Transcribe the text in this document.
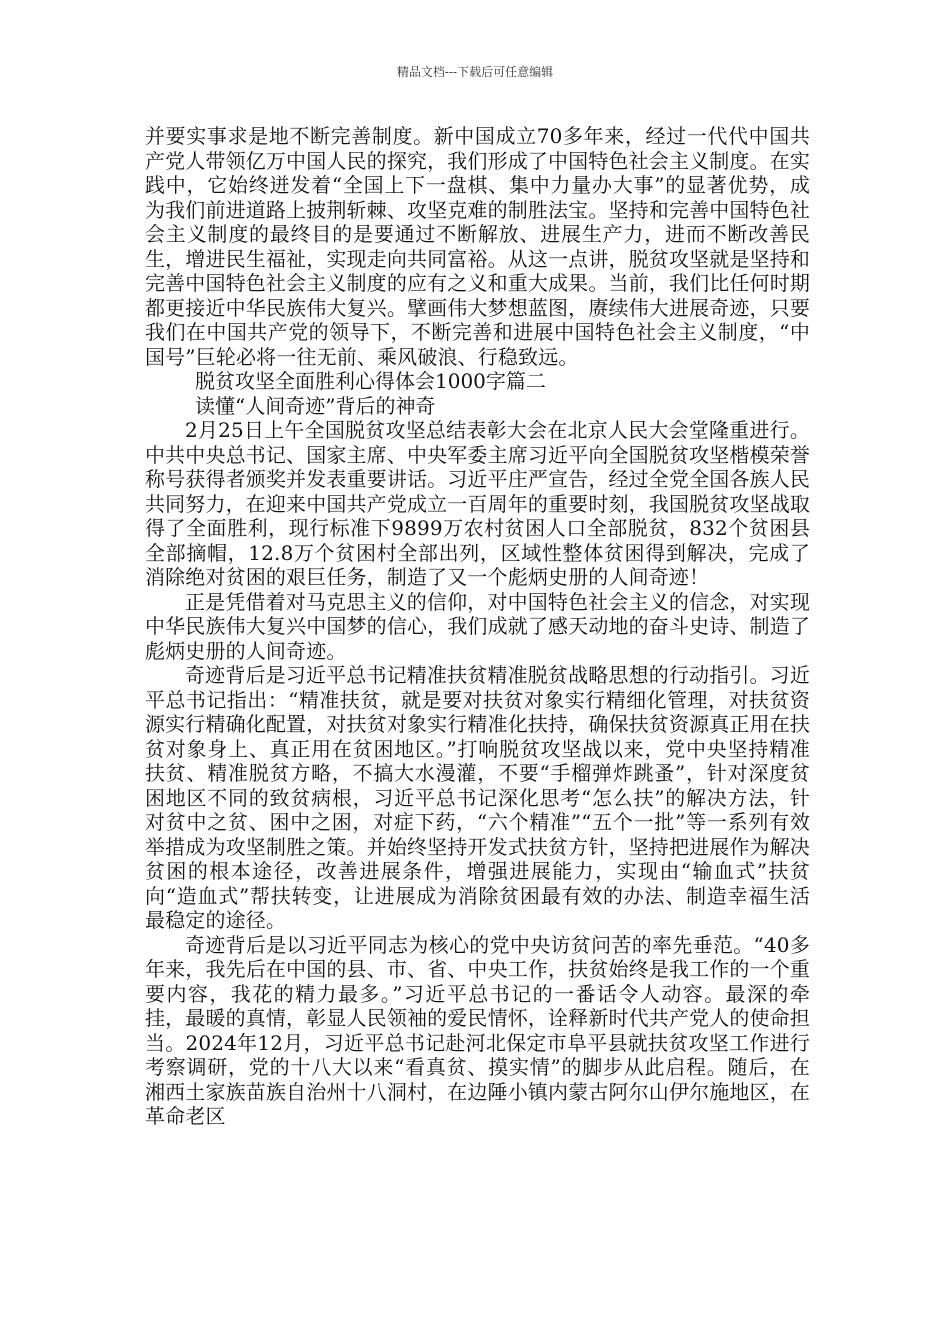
精品文档---下载后可任意编辑

并要实事求是地不断完善制度。新中国成立70多年来，经过一代代中国共产党人带领亿万中国人民的探究，我们形成了中国特色社会主义制度。在实践中，它始终迸发着“全国上下一盘棋、集中力量办大事”的显著优势，成为我们前进道路上披荆斩棘、攻坚克难的制胜法宝。坚持和完善中国特色社会主义制度的最终目的是要通过不断解放、进展生产力，进而不断改善民生，增进民生福祉，实现走向共同富裕。从这一点讲，脱贫攻坚就是坚持和完善中国特色社会主义制度的应有之义和重大成果。当前，我们比任何时期都更接近中华民族伟大复兴。擘画伟大梦想蓝图，赓续伟大进展奇迹，只要我们在中国共产党的领导下，不断完善和进展中国特色社会主义制度，“中国号”巨轮必将一往无前、乘风破浪、行稳致远。

脱贫攻坚全面胜利心得体会1000字篇二

读懂“人间奇迹”背后的神奇

2月25日上午全国脱贫攻坚总结表彰大会在北京人民大会堂隆重进行。中共中央总书记、国家主席、中央军委主席习近平向全国脱贫攻坚楷模荣誉称号获得者颁奖并发表重要讲话。习近平庄严宣告，经过全党全国各族人民共同努力，在迎来中国共产党成立一百周年的重要时刻，我国脱贫攻坚战取得了全面胜利，现行标准下9899万农村贫困人口全部脱贫，832个贫困县全部摘帽，12.8万个贫困村全部出列，区域性整体贫困得到解决，完成了消除绝对贫困的艰巨任务，制造了又一个彪炳史册的人间奇迹！

正是凭借着对马克思主义的信仰，对中国特色社会主义的信念，对实现中华民族伟大复兴中国梦的信心，我们成就了感天动地的奋斗史诗、制造了彪炳史册的人间奇迹。

奇迹背后是习近平总书记精准扶贫精准脱贫战略思想的行动指引。习近平总书记指出：“精准扶贫，就是要对扶贫对象实行精细化管理，对扶贫资源实行精确化配置，对扶贫对象实行精准化扶持，确保扶贫资源真正用在扶贫对象身上、真正用在贫困地区。”打响脱贫攻坚战以来，党中央坚持精准扶贫、精准脱贫方略，不搞大水漫灌，不要“手榴弹炸跳蚤”，针对深度贫困地区不同的致贫病根，习近平总书记深化思考“怎么扶”的解决方法，针对贫中之贫、困中之困，对症下药，“六个精准”“五个一批”等一系列有效举措成为攻坚制胜之策。并始终坚持开发式扶贫方针，坚持把进展作为解决贫困的根本途径，改善进展条件，增强进展能力，实现由“输血式”扶贫向“造血式”帮扶转变，让进展成为消除贫困最有效的办法、制造幸福生活最稳定的途径。

奇迹背后是以习近平同志为核心的党中央访贫问苦的率先垂范。“40多年来，我先后在中国的县、市、省、中央工作，扶贫始终是我工作的一个重要内容，我花的精力最多。”习近平总书记的一番话令人动容。最深的牵挂，最暖的真情，彰显人民领袖的爱民情怀，诠释新时代共产党人的使命担当。2024年12月，习近平总书记赴河北保定市阜平县就扶贫攻坚工作进行考察调研，党的十八大以来“看真贫、摸实情”的脚步从此启程。随后，在湘西土家族苗族自治州十八洞村，在边陲小镇内蒙古阿尔山伊尔施地区，在革命老区
